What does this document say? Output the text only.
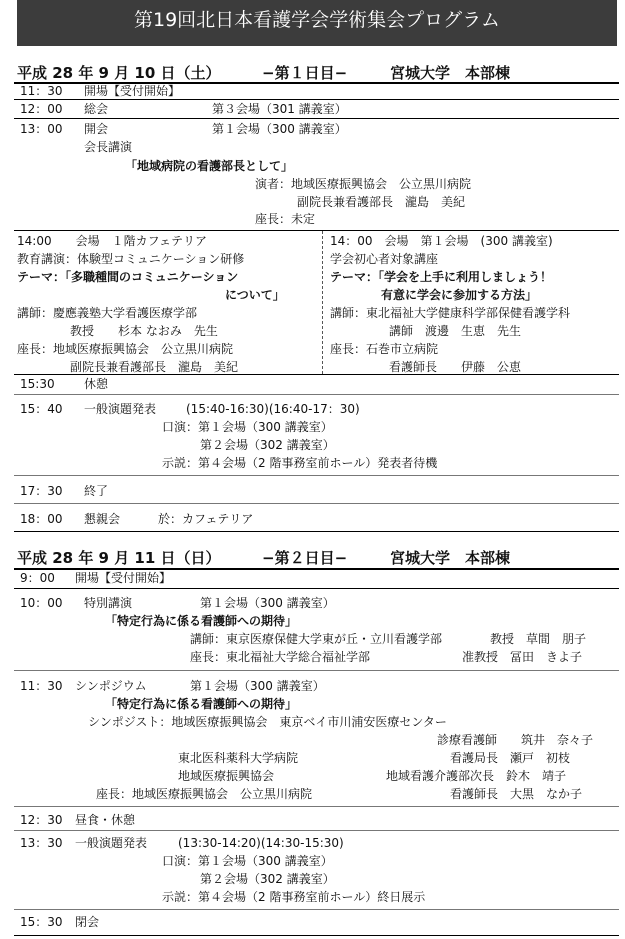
第19回北日本看護学会学術集会プログラム
平成 28 年 9 月 10 日（土）	−第１日目−	宮城大学　本部棟
11：30 開場【受付開始】
12：00 総会	第３会場（301 講義室）
13：00 開会	第１会場（300 講義室）
会長講演
「地域病院の看護部長として」
演者：地域医療振興協会　公立黒川病院
副院長兼看護部長　瀧島　美紀
座長：未定
14:00　　会場　１階カフェテリア
教育講演：体験型コミュニケーション研修
テーマ：「多職種間のコミュニケーション
について」
講師：慶應義塾大学看護医療学部
教授　　杉本 なおみ　先生
座長：地域医療振興協会　公立黒川病院
副院長兼看護部長　瀧島　美紀
14：00　会場　第１会場　(300 講義室)
学会初心者対象講座
テーマ：「学会を上手に利用しましょう！
有意に学会に参加する方法」
講師：東北福祉大学健康科学部保健看護学科
講師　渡邊　生恵　先生
座長：石巻市立病院
看護師長　　伊藤　公恵
15:30 休憩
15：40 一般演題発表 (15:40-16:30)(16:40-17：30)
口演：第１会場（300 講義室）
第２会場（302 講義室）
示説：第４会場（2 階事務室前ホール）発表者待機
17：30 終了
18：00 懇親会	於：カフェテリア
平成 28 年 9 月 11 日（日）	−第２日目−	宮城大学　本部棟
9：00 開場【受付開始】
10：00 特別講演	第１会場（300 講義室）
「特定行為に係る看護師への期待」
講師：東京医療保健大学東が丘・立川看護学部	教授　草間　朋子
座長：東北福祉大学総合福祉学部	准教授　冨田　きよ子
11：30 シンポジウム	第１会場（300 講義室）
「特定行為に係る看護師への期待」
シンポジスト：地域医療振興協会　東京ベイ市川浦安医療センター
診療看護師　　筑井　奈々子
東北医科薬科大学病院	看護局長　瀬戸　初枝
地域医療振興協会	地域看護介護部次長　鈴木　靖子
座長：地域医療振興協会　公立黒川病院	看護師長　大黒　なか子
12：30 昼食・休憩
13：30 一般演題発表	(13:30-14:20)(14:30-15:30)
口演：第１会場（300 講義室）
第２会場（302 講義室）
示説：第４会場（2 階事務室前ホール）終日展示
15：30 閉会
